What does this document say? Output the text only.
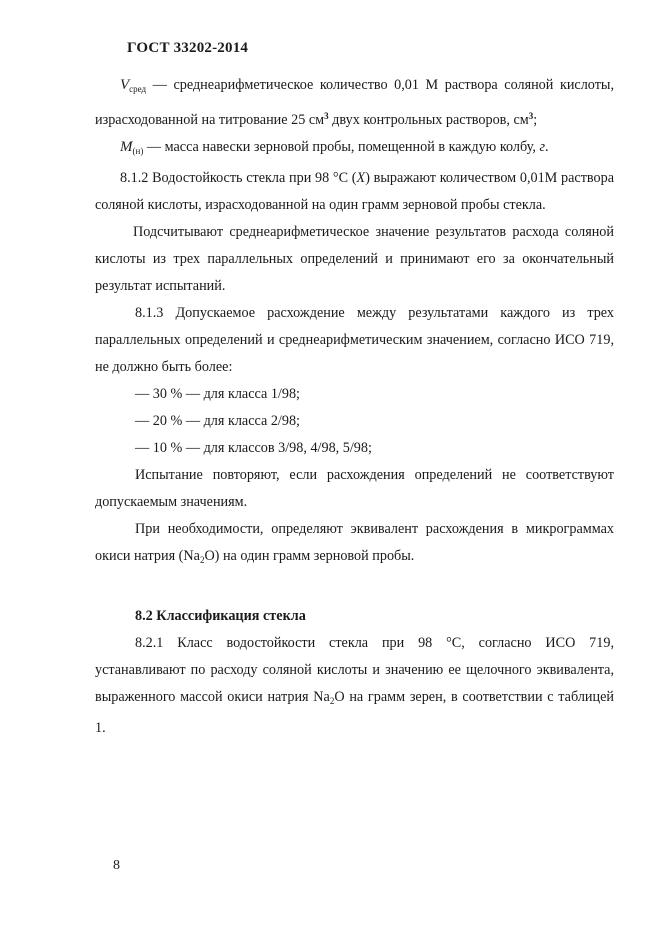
ГОСТ 33202-2014

$V_{сред}$ — среднеарифметическое количество 0,01 М раствора соляной кислоты, израсходованной на титрование 25 $см^3$ двух контрольных растворов, $см^3$;

$M_{(н)}$ — масса навески зерновой пробы, помещенной в каждую колбу, г.

8.1.2 Водостойкость стекла при 98 °С (X) выражают количеством 0,01М раствора соляной кислоты, израсходованной на один грамм зерновой пробы стекла.

Подсчитывают среднеарифметическое значение результатов расхода соляной кислоты из трех параллельных определений и принимают его за окончательный результат испытаний.

8.1.3 Допускаемое расхождение между результатами каждого из трех параллельных определений и среднеарифметическим значением, согласно ИСО 719, не должно быть более:

— 30 % — для класса 1/98;
— 20 % — для класса 2/98;
— 10 % — для классов 3/98, 4/98, 5/98;

Испытание повторяют, если расхождения определений не соответствуют допускаемым значениям.

При необходимости, определяют эквивалент расхождения в микрограммах окиси натрия $(Na_2O)$ на один грамм зерновой пробы.

8.2 Классификация стекла

8.2.1 Класс водостойкости стекла при 98 °С, согласно ИСО 719, устанавливают по расходу соляной кислоты и значению ее щелочного эквивалента, выраженного массой окиси натрия $Na_2O$ на грамм зерен, в соответствии с таблицей 1.

8
